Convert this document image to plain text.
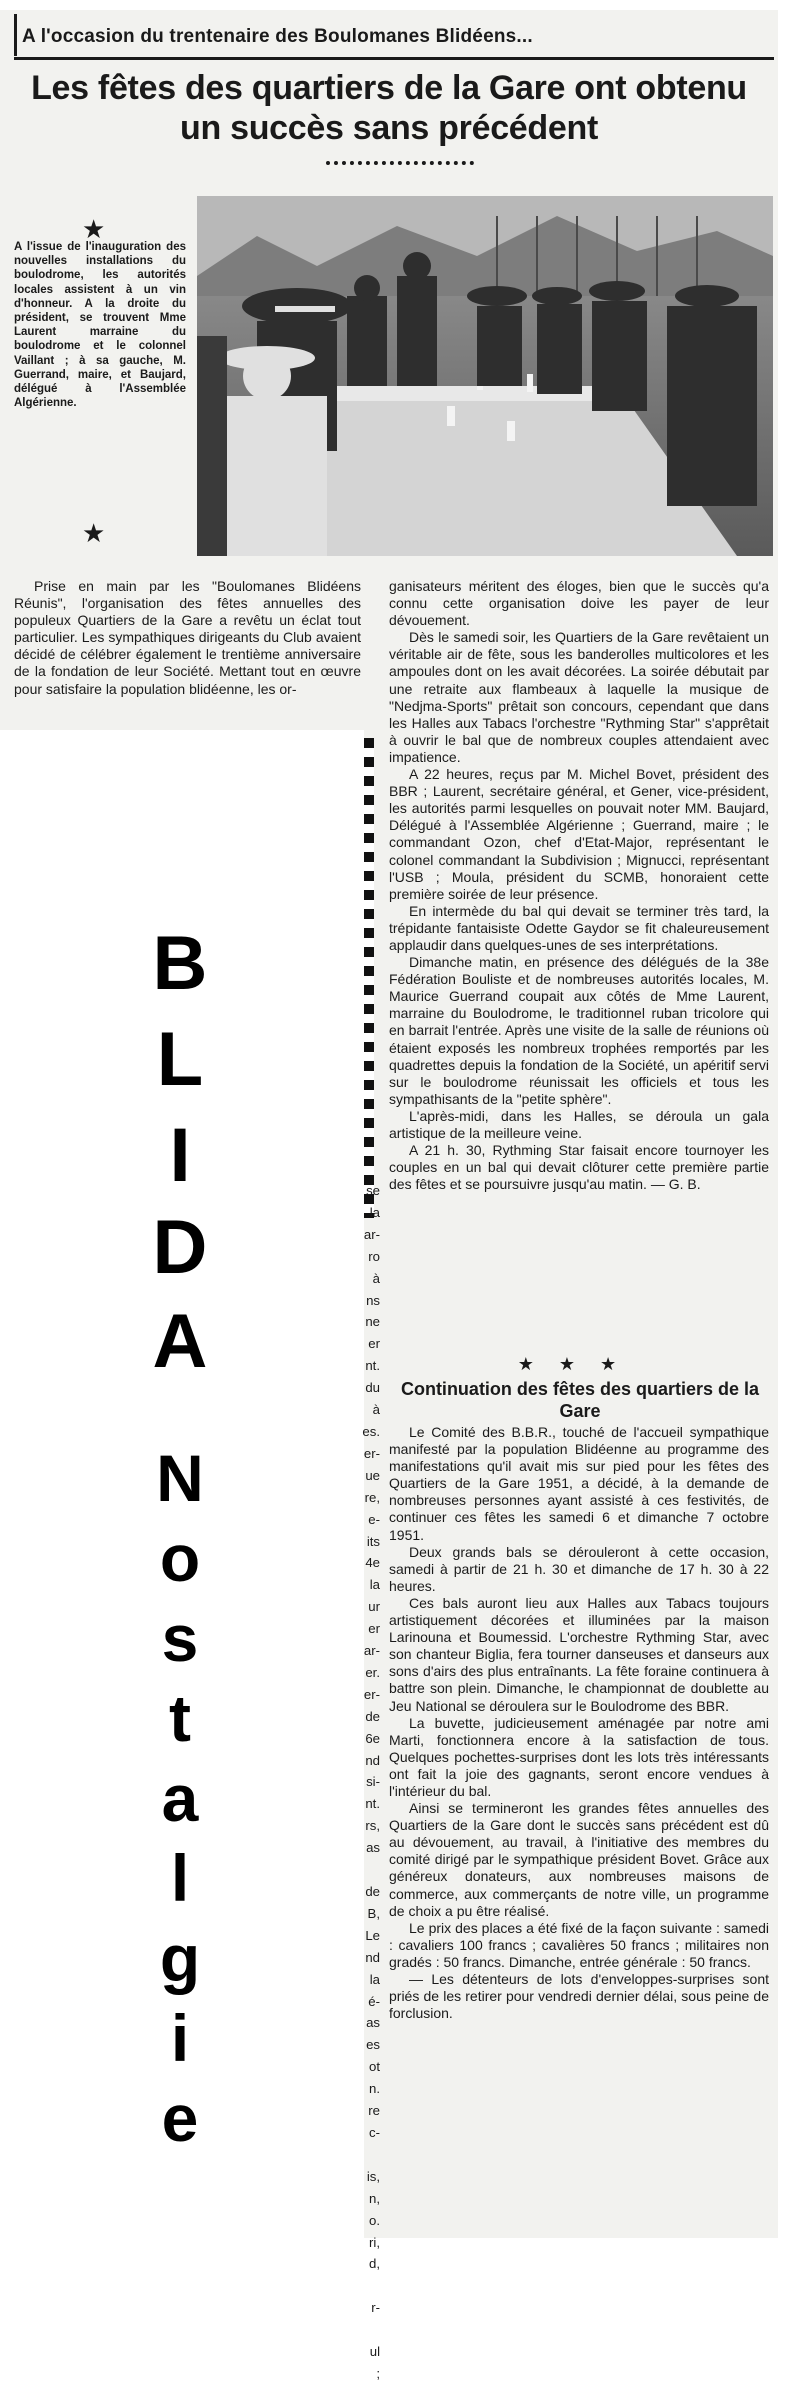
A l'occasion du trentenaire des Boulomanes Blidéens...
Les fêtes des quartiers de la Gare ont obtenu
un succès sans précédent
★

A l'issue de l'inauguration des nouvelles installations du boulodrome, les autorités locales assistent à un vin d'honneur. A la droite du président, se trouvent Mme Laurent marraine du boulodrome et le colonnel Vaillant ; à sa gauche, M. Guerrand, maire, et Baujard, délégué à l'Assemblée Algérienne.

★

Prise en main par les "Boulomanes Blidéens Réunis", l'organisation des fêtes annuelles des populeux Quartiers de la Gare a revêtu un éclat tout particulier. Les sympathiques dirigeants du Club avaient décidé de célébrer également le trentième anniversaire de la fondation de leur Société. Mettant tout en œuvre pour satisfaire la population blidéenne, les or-

ganisateurs méritent des éloges, bien que le succès qu'a connu cette organisation doive les payer de leur dévouement.

Dès le samedi soir, les Quartiers de la Gare revêtaient un véritable air de fête, sous les banderolles multicolores et les ampoules dont on les avait décorées. La soirée débutait par une retraite aux flambeaux à laquelle la musique de "Nedjma-Sports" prêtait son concours, cependant que dans les Halles aux Tabacs l'orchestre "Rythming Star" s'apprêtait à ouvrir le bal que de nombreux couples attendaient avec impatience.

A 22 heures, reçus par M. Michel Bovet, président des BBR ; Laurent, secrétaire général, et Gener, vice-président, les autorités parmi lesquelles on pouvait noter MM. Baujard, Délégué à l'Assemblée Algérienne ; Guerrand, maire ; le commandant Ozon, chef d'Etat-Major, représentant le colonel commandant la Subdivision ; Mignucci, représentant l'USB ; Moula, président du SCMB, honoraient cette première soirée de leur présence.

En intermède du bal qui devait se terminer très tard, la trépidante fantaisiste Odette Gaydor se fit chaleureusement applaudir dans quelques-unes de ses interprétations.

Dimanche matin, en présence des délégués de la 38e Fédération Bouliste et de nombreuses autorités locales, M. Maurice Guerrand coupait aux côtés de Mme Laurent, marraine du Boulodrome, le traditionnel ruban tricolore qui en barrait l'entrée. Après une visite de la salle de réunions où étaient exposés les nombreux trophées remportés par les quadrettes depuis la fondation de la Société, un apéritif servi sur le boulodrome réunissait les officiels et tous les sympathisants de la "petite sphère".

L'après-midi, dans les Halles, se déroula un gala artistique de la meilleure veine.

A 21 h. 30, Rythming Star faisait encore tournoyer les couples en un bal qui devait clôturer cette première partie des fêtes et se poursuivre jusqu'au matin. — G. B.

se
la
ar-
ro
à
ns
ne
er
nt.
du
à
es.
er-
ue
re,
e-
its
4e
la
ur
er
ar-
er.
er-
de
6e
nd
si-
nt.
rs,
as

de
B,
Le
nd
la
é-
as
es
ot
n.
re
c-

is,
n,
o.
ri,
d,

r-

ul
;
B
L
I
D
A
N
o
s
t
a
l
g
i
e
★ ★ ★
Continuation des fêtes des quartiers de la Gare

Le Comité des B.B.R., touché de l'accueil sympathique manifesté par la population Blidéenne au programme des manifestations qu'il avait mis sur pied pour les fêtes des Quartiers de la Gare 1951, a décidé, à la demande de nombreuses personnes ayant assisté à ces festivités, de continuer ces fêtes les samedi 6 et dimanche 7 octobre 1951.

Deux grands bals se dérouleront à cette occasion, samedi à partir de 21 h. 30 et dimanche de 17 h. 30 à 22 heures.

Ces bals auront lieu aux Halles aux Tabacs toujours artistiquement décorées et illuminées par la maison Larinouna et Boumessid. L'orchestre Rythming Star, avec son chanteur Biglia, fera tourner danseuses et danseurs aux sons d'airs des plus entraînants. La fête foraine continuera à battre son plein. Dimanche, le championnat de doublette au Jeu National se déroulera sur le Boulodrome des BBR.

La buvette, judicieusement aménagée par notre ami Marti, fonctionnera encore à la satisfaction de tous. Quelques pochettes-surprises dont les lots très intéressants ont fait la joie des gagnants, seront encore vendues à l'intérieur du bal.

Ainsi se termineront les grandes fêtes annuelles des Quartiers de la Gare dont le succès sans précédent est dû au dévouement, au travail, à l'initiative des membres du comité dirigé par le sympathique président Bovet. Grâce aux généreux donateurs, aux nombreuses maisons de commerce, aux commerçants de notre ville, un programme de choix a pu être réalisé.

Le prix des places a été fixé de la façon suivante : samedi : cavaliers 100 francs ; cavalières 50 francs ; militaires non gradés : 50 francs. Dimanche, entrée générale : 50 francs.

— Les détenteurs de lots d'enveloppes-surprises sont priés de les retirer pour vendredi dernier délai, sous peine de forclusion.
